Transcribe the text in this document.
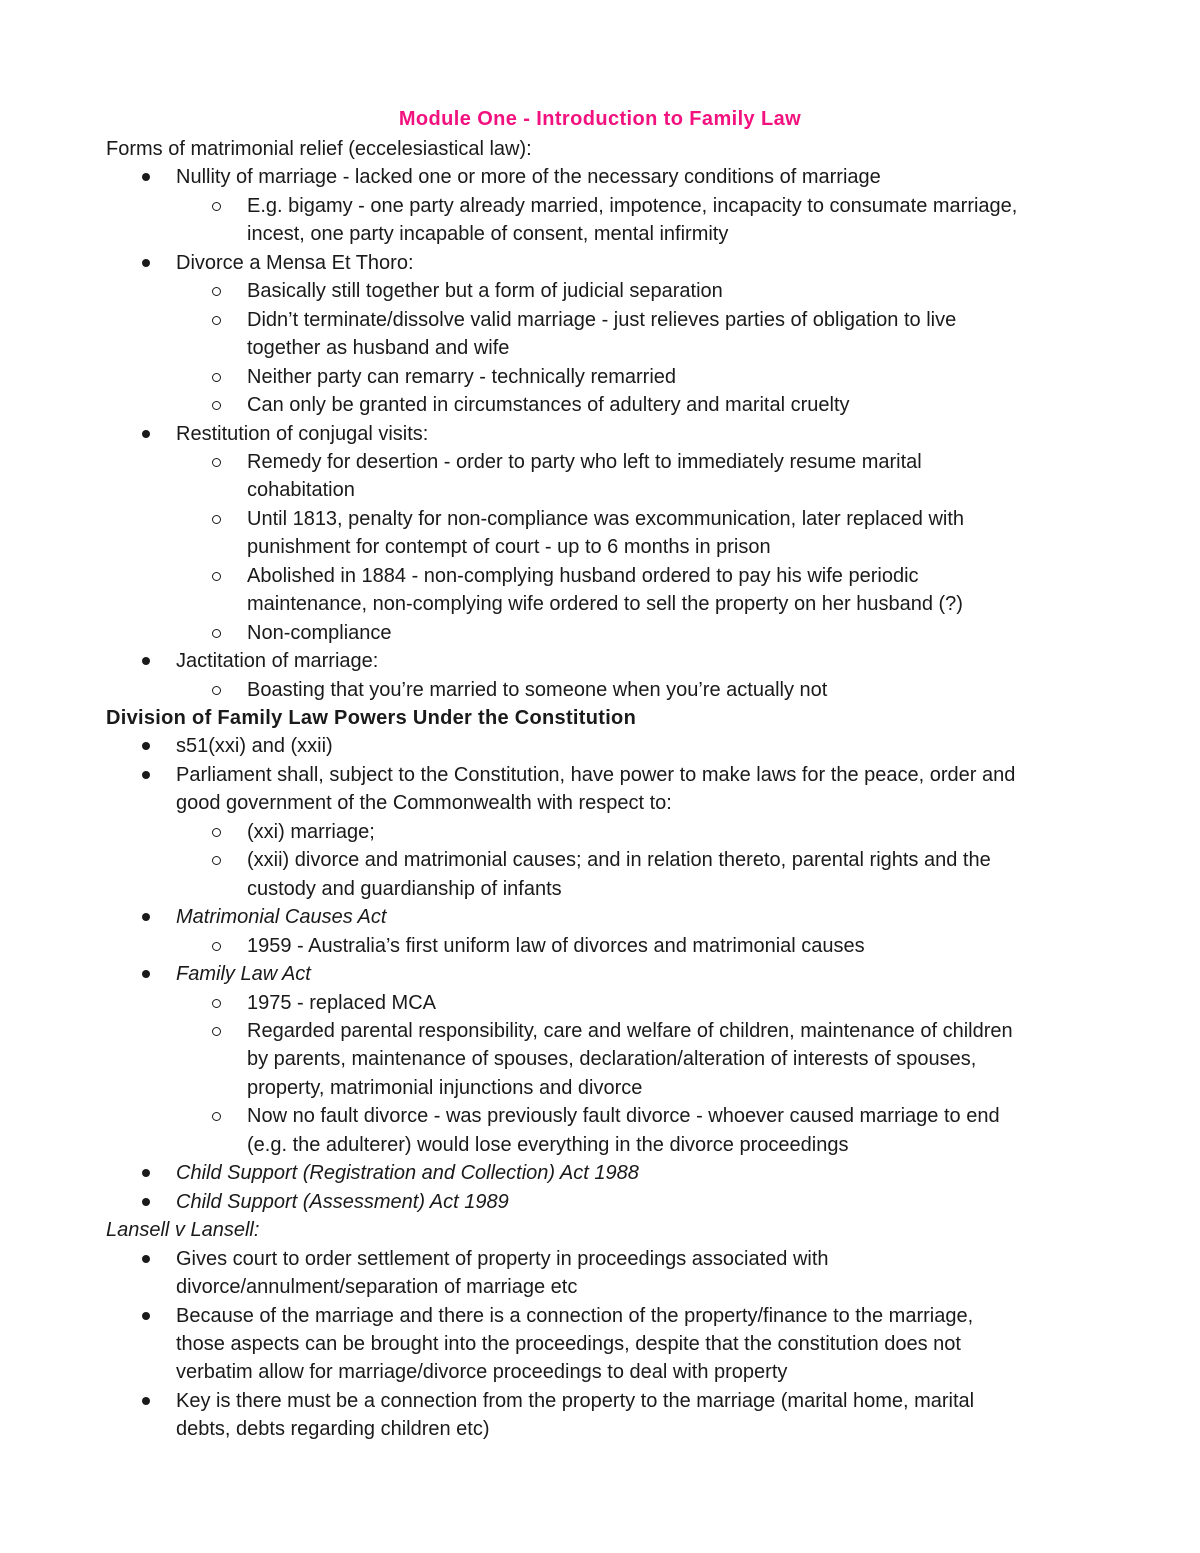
Module One - Introduction to Family Law
Forms of matrimonial relief (eccelesiastical law):
Nullity of marriage - lacked one or more of the necessary conditions of marriage
E.g. bigamy - one party already married, impotence, incapacity to consumate marriage,
incest, one party incapable of consent, mental infirmity
Divorce a Mensa Et Thoro:
Basically still together but a form of judicial separation
Didn’t terminate/dissolve valid marriage - just relieves parties of obligation to live
together as husband and wife
Neither party can remarry - technically remarried
Can only be granted in circumstances of adultery and marital cruelty
Restitution of conjugal visits:
Remedy for desertion - order to party who left to immediately resume marital
cohabitation
Until 1813, penalty for non-compliance was excommunication, later replaced with
punishment for contempt of court - up to 6 months in prison
Abolished in 1884 - non-complying husband ordered to pay his wife periodic
maintenance, non-complying wife ordered to sell the property on her husband (?)
Non-compliance
Jactitation of marriage:
Boasting that you’re married to someone when you’re actually not
Division of Family Law Powers Under the Constitution
s51(xxi) and (xxii)
Parliament shall, subject to the Constitution, have power to make laws for the peace, order and
good government of the Commonwealth with respect to:
(xxi) marriage;
(xxii) divorce and matrimonial causes; and in relation thereto, parental rights and the
custody and guardianship of infants
Matrimonial Causes Act
1959 - Australia’s first uniform law of divorces and matrimonial causes
Family Law Act
1975 - replaced MCA
Regarded parental responsibility, care and welfare of children, maintenance of children
by parents, maintenance of spouses, declaration/alteration of interests of spouses,
property, matrimonial injunctions and divorce
Now no fault divorce - was previously fault divorce - whoever caused marriage to end
(e.g. the adulterer) would lose everything in the divorce proceedings
Child Support (Registration and Collection) Act 1988
Child Support (Assessment) Act 1989
Lansell v Lansell:
Gives court to order settlement of property in proceedings associated with
divorce/annulment/separation of marriage etc
Because of the marriage and there is a connection of the property/finance to the marriage,
those aspects can be brought into the proceedings, despite that the constitution does not
verbatim allow for marriage/divorce proceedings to deal with property
Key is there must be a connection from the property to the marriage (marital home, marital
debts, debts regarding children etc)
